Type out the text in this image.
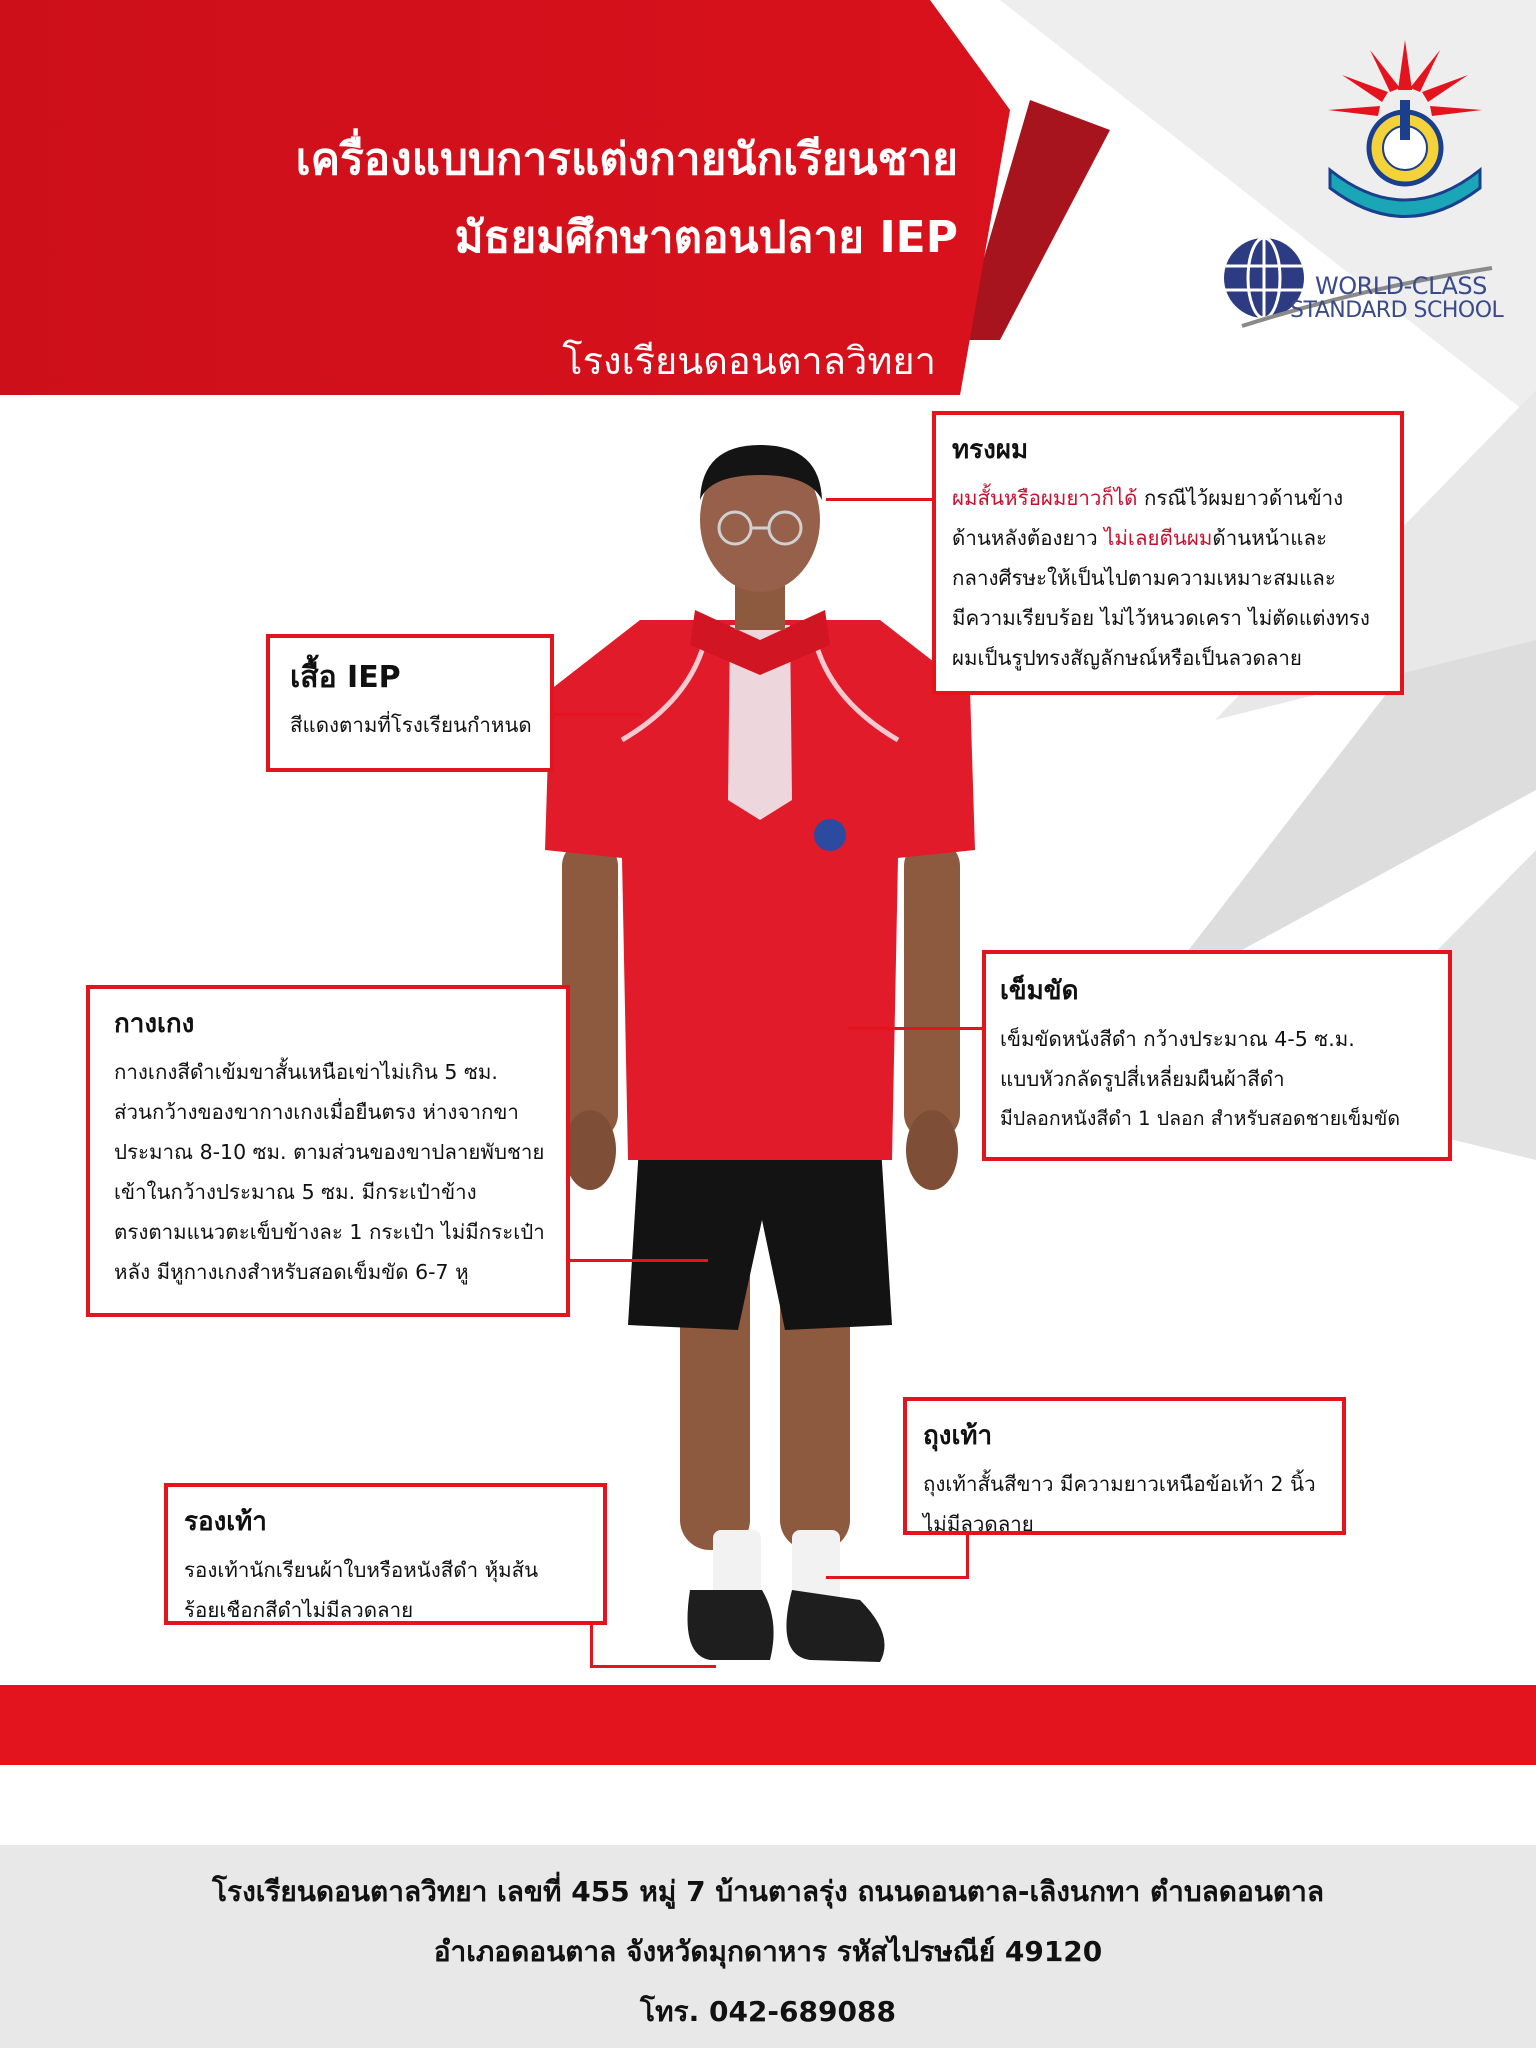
เครื่องแบบการแต่งกายนักเรียนชาย
มัธยมศึกษาตอนปลาย IEP
โรงเรียนดอนตาลวิทยา
WORLD-CLASS
STANDARD SCHOOL
ทรงผม
ผมสั้นหรือผมยาวก็ได้ กรณีไว้ผมยาวด้านข้าง
ด้านหลังต้องยาว ไม่เลยตีนผมด้านหน้าและ
กลางศีรษะให้เป็นไปตามความเหมาะสมและ
มีความเรียบร้อย ไม่ไว้หนวดเครา ไม่ตัดแต่งทรง
ผมเป็นรูปทรงสัญลักษณ์หรือเป็นลวดลาย
เสื้อ IEP
สีแดงตามที่โรงเรียนกำหนด
กางเกง
กางเกงสีดำเข้มขาสั้นเหนือเข่าไม่เกิน 5 ซม.
ส่วนกว้างของขากางเกงเมื่อยืนตรง ห่างจากขา
ประมาณ 8-10 ซม. ตามส่วนของขาปลายพับชาย
เข้าในกว้างประมาณ 5 ซม. มีกระเป๋าข้าง
ตรงตามแนวตะเข็บข้างละ 1 กระเป๋า ไม่มีกระเป๋า
หลัง มีหูกางเกงสำหรับสอดเข็มขัด 6-7 หู
เข็มขัด
เข็มขัดหนังสีดำ กว้างประมาณ 4-5 ซ.ม.
แบบหัวกลัดรูปสี่เหลี่ยมผืนผ้าสีดำ
มีปลอกหนังสีดำ 1 ปลอก สำหรับสอดชายเข็มขัด
ถุงเท้า
ถุงเท้าสั้นสีขาว มีความยาวเหนือข้อเท้า 2 นิ้ว
ไม่มีลวดลาย
รองเท้า
รองเท้านักเรียนผ้าใบหรือหนังสีดำ หุ้มส้น
ร้อยเชือกสีดำไม่มีลวดลาย
โรงเรียนดอนตาลวิทยา เลขที่ 455 หมู่ 7 บ้านตาลรุ่ง ถนนดอนตาล-เลิงนกทา ตำบลดอนตาล
อำเภอดอนตาล จังหวัดมุกดาหาร รหัสไปรษณีย์ 49120
โทร. 042-689088
